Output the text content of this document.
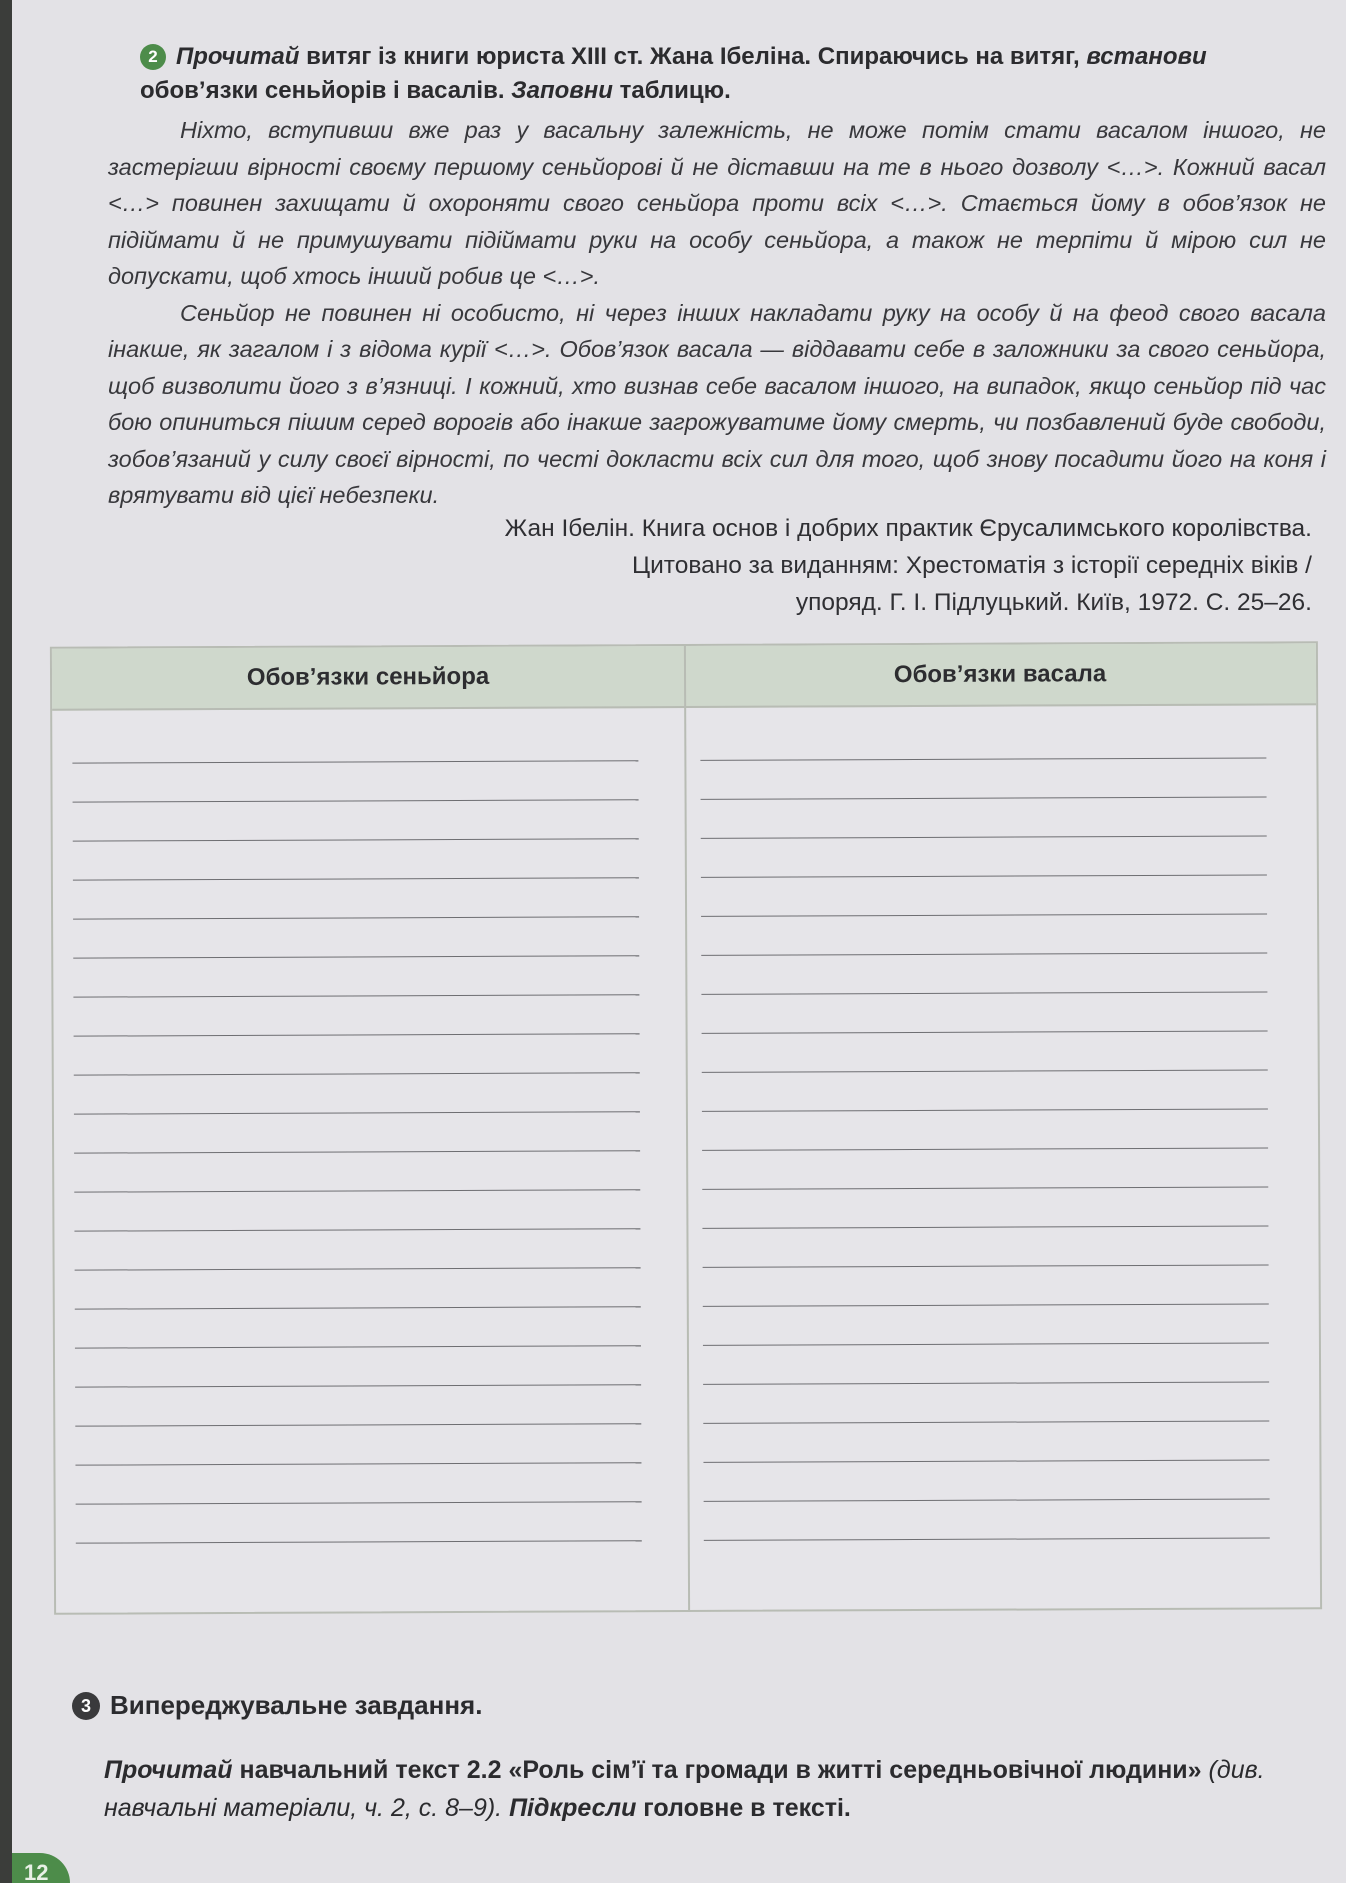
2 Прочитай витяг із книги юриста XIII ст. Жана Ібеліна. Спираючись на витяг, встанови обов’язки сеньйорів і васалів. Заповни таблицю.

Ніхто, вступивши вже раз у васальну залежність, не може потім стати васалом іншого, не застерігши вірності своєму першому сеньйорові й не діставши на те в нього дозволу <…>. Кожний васал <…> повинен захищати й охороняти свого сеньйора проти всіх <…>. Стається йому в обов’язок не підіймати й не примушувати підіймати руки на особу сеньйора, а також не терпіти й мірою сил не допускати, щоб хтось інший робив це <…>.

Сеньйор не повинен ні особисто, ні через інших накладати руку на особу й на феод свого васала інакше, як загалом і з відома курії <…>. Обов’язок васала — віддавати себе в заложники за свого сеньйора, щоб визволити його з в’язниці. І кожний, хто визнав себе васалом іншого, на випадок, якщо сеньйор під час бою опиниться пішим серед ворогів або інакше загрожуватиме йому смерть, чи позбавлений буде свободи, зобов’язаний у силу своєї вірності, по честі докласти всіх сил для того, щоб знову посадити його на коня і врятувати від цієї небезпеки.

Жан Ібелін. Книга основ і добрих практик Єрусалимського королівства.
Цитовано за виданням: Хрестоматія з історії середніх віків /
упоряд. Г. І. Підлуцький. Київ, 1972. С. 25–26.
Обов’язки сеньйора	Обов’язки васала
3 Випереджувальне завдання.
Прочитай навчальний текст 2.2 «Роль сім’ї та громади в житті середньовічної людини» (див. навчальні матеріали, ч. 2, с. 8–9). Підкресли головне в тексті.
12
